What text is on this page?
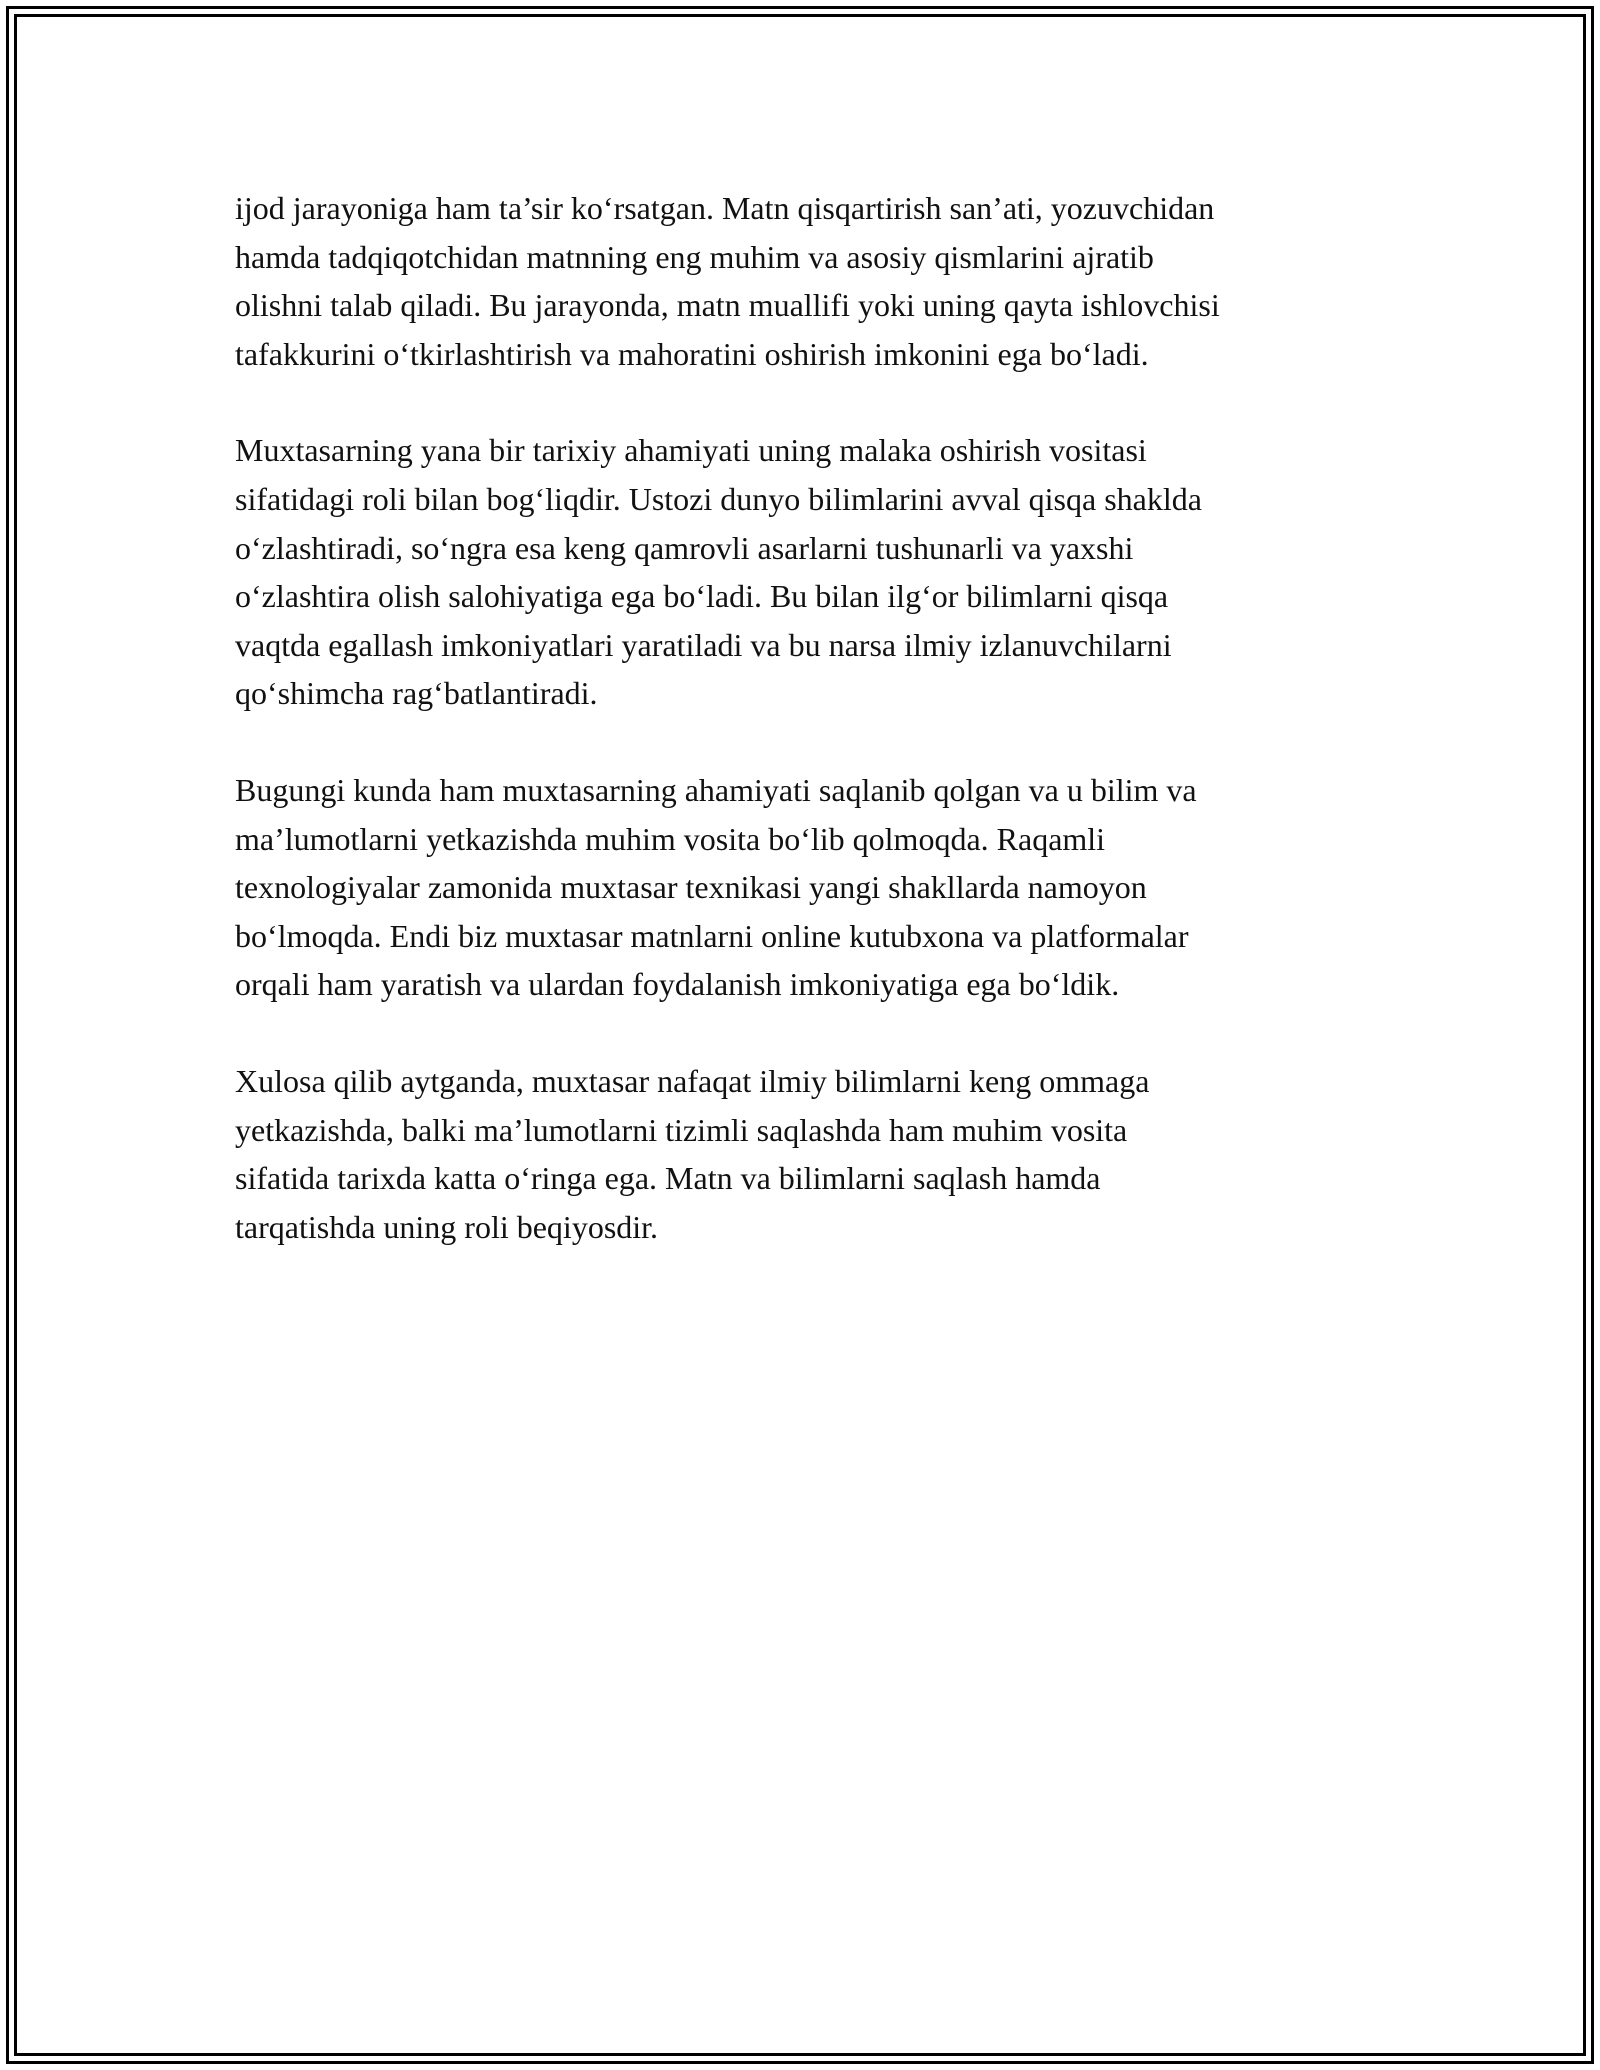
ijod jarayoniga ham ta’sir ko‘rsatgan. Matn qisqartirish san’ati, yozuvchidan
hamda tadqiqotchidan matnning eng muhim va asosiy qismlarini ajratib
olishni talab qiladi. Bu jarayonda, matn muallifi yoki uning qayta ishlovchisi
tafakkurini o‘tkirlashtirish va mahoratini oshirish imkonini ega bo‘ladi.

Muxtasarning yana bir tarixiy ahamiyati uning malaka oshirish vositasi
sifatidagi roli bilan bog‘liqdir. Ustozi dunyo bilimlarini avval qisqa shaklda
o‘zlashtiradi, so‘ngra esa keng qamrovli asarlarni tushunarli va yaxshi
o‘zlashtira olish salohiyatiga ega bo‘ladi. Bu bilan ilg‘or bilimlarni qisqa
vaqtda egallash imkoniyatlari yaratiladi va bu narsa ilmiy izlanuvchilarni
qo‘shimcha rag‘batlantiradi.

Bugungi kunda ham muxtasarning ahamiyati saqlanib qolgan va u bilim va
ma’lumotlarni yetkazishda muhim vosita bo‘lib qolmoqda. Raqamli
texnologiyalar zamonida muxtasar texnikasi yangi shakllarda namoyon
bo‘lmoqda. Endi biz muxtasar matnlarni online kutubxona va platformalar
orqali ham yaratish va ulardan foydalanish imkoniyatiga ega bo‘ldik.

Xulosa qilib aytganda, muxtasar nafaqat ilmiy bilimlarni keng ommaga
yetkazishda, balki ma’lumotlarni tizimli saqlashda ham muhim vosita
sifatida tarixda katta o‘ringa ega. Matn va bilimlarni saqlash hamda
tarqatishda uning roli beqiyosdir.
